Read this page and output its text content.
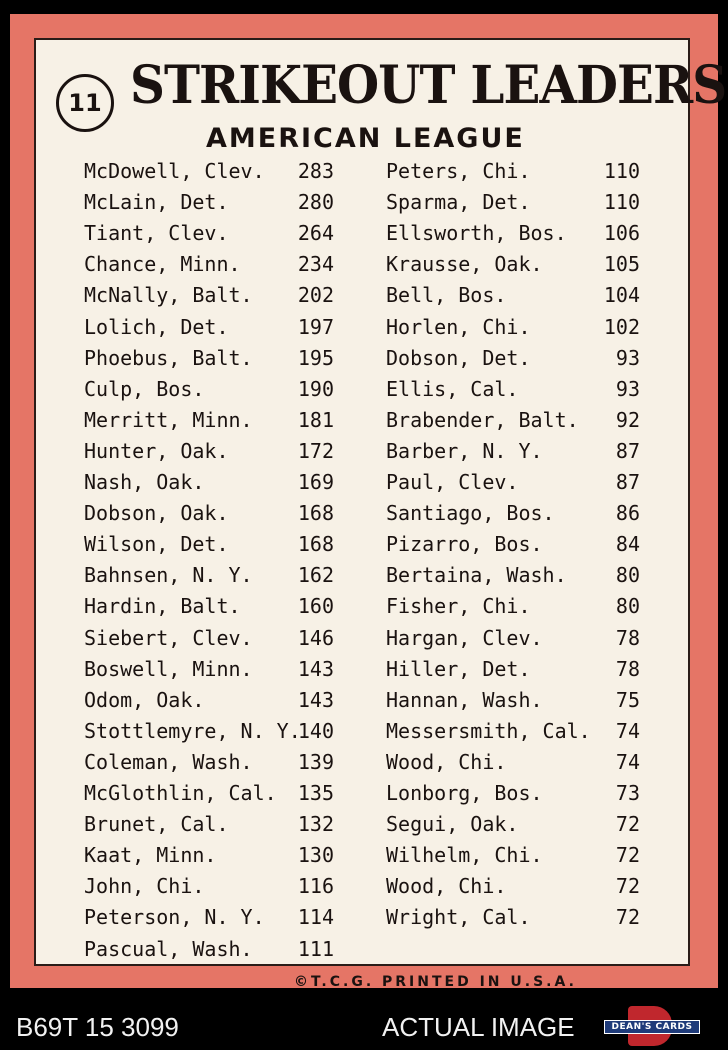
11 STRIKEOUT LEADERS
AMERICAN LEAGUE
McDowell, Clev. 283
McLain, Det.	280
Tiant, Clev.	264
Chance, Minn.	234
McNally, Balt. 202
Lolich, Det.	197
Phoebus, Balt. 195
Culp, Bos.	190
Merritt, Minn. 181
Hunter, Oak.	172
Nash, Oak.	169
Dobson, Oak.	168
Wilson, Det.	168
Bahnsen, N. Y. 162
Hardin, Balt.	160
Siebert, Clev. 146
Boswell, Minn. 143
Odom, Oak.	143
Stottlemyre, N. Y.
140
Coleman, Wash. 139
McGlothlin, Cal. 135
Brunet, Cal.	132
Kaat, Minn.	130
John, Chi.	116
Peterson, N. Y. 114
Pascual, Wash. 111
Peters, Chi.	110
Sparma, Det.	110
Ellsworth, Bos. 106
Krausse, Oak.	105
Bell, Bos.	104
Horlen, Chi.	102
Dobson, Det.	93
Ellis, Cal.	93
Brabender, Balt. 92
Barber, N. Y.	87
Paul, Clev.	87
Santiago, Bos.	86
Pizarro, Bos.	84
Bertaina, Wash. 80
Fisher, Chi.	80
Hargan, Clev.	78
Hiller, Det.	78
Hannan, Wash.	75
Messersmith, Cal. 74
Wood, Chi.	74
Lonborg, Bos.	73
Segui, Oak.	72
Wilhelm, Chi.	72
Wood, Chi.	72
Wright, Cal.	72
©T.C.G. PRINTED IN U.S.A.
B69T 15 3099	ACTUAL IMAGE	DEAN'S CARDS
